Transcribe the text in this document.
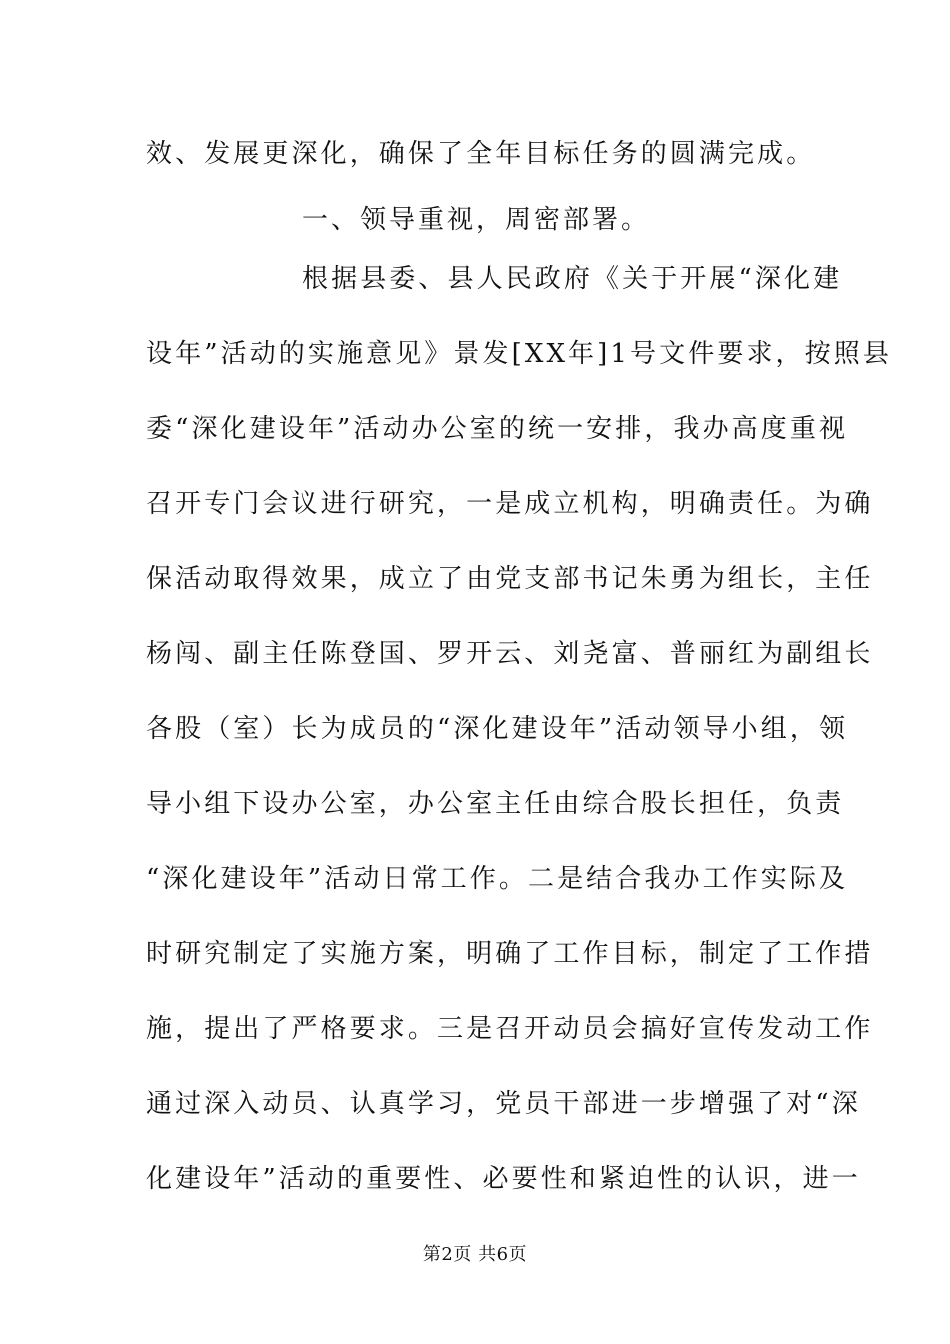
效、发展更深化，确保了全年目标任务的圆满完成。
一、领导重视，周密部署。
根据县委、县人民政府《关于开展“深化建
设年”活动的实施意见》景发[XX年]1号文件要求，按照县
委“深化建设年”活动办公室的统一安排，我办高度重视
召开专门会议进行研究，一是成立机构，明确责任。为确
保活动取得效果，成立了由党支部书记朱勇为组长，主任
杨闯、副主任陈登国、罗开云、刘尧富、普丽红为副组长
各股（室）长为成员的“深化建设年”活动领导小组，领
导小组下设办公室，办公室主任由综合股长担任，负责
“深化建设年”活动日常工作。二是结合我办工作实际及
时研究制定了实施方案，明确了工作目标，制定了工作措
施，提出了严格要求。三是召开动员会搞好宣传发动工作
通过深入动员、认真学习，党员干部进一步增强了对“深
化建设年”活动的重要性、必要性和紧迫性的认识，进一
第2页 共6页
